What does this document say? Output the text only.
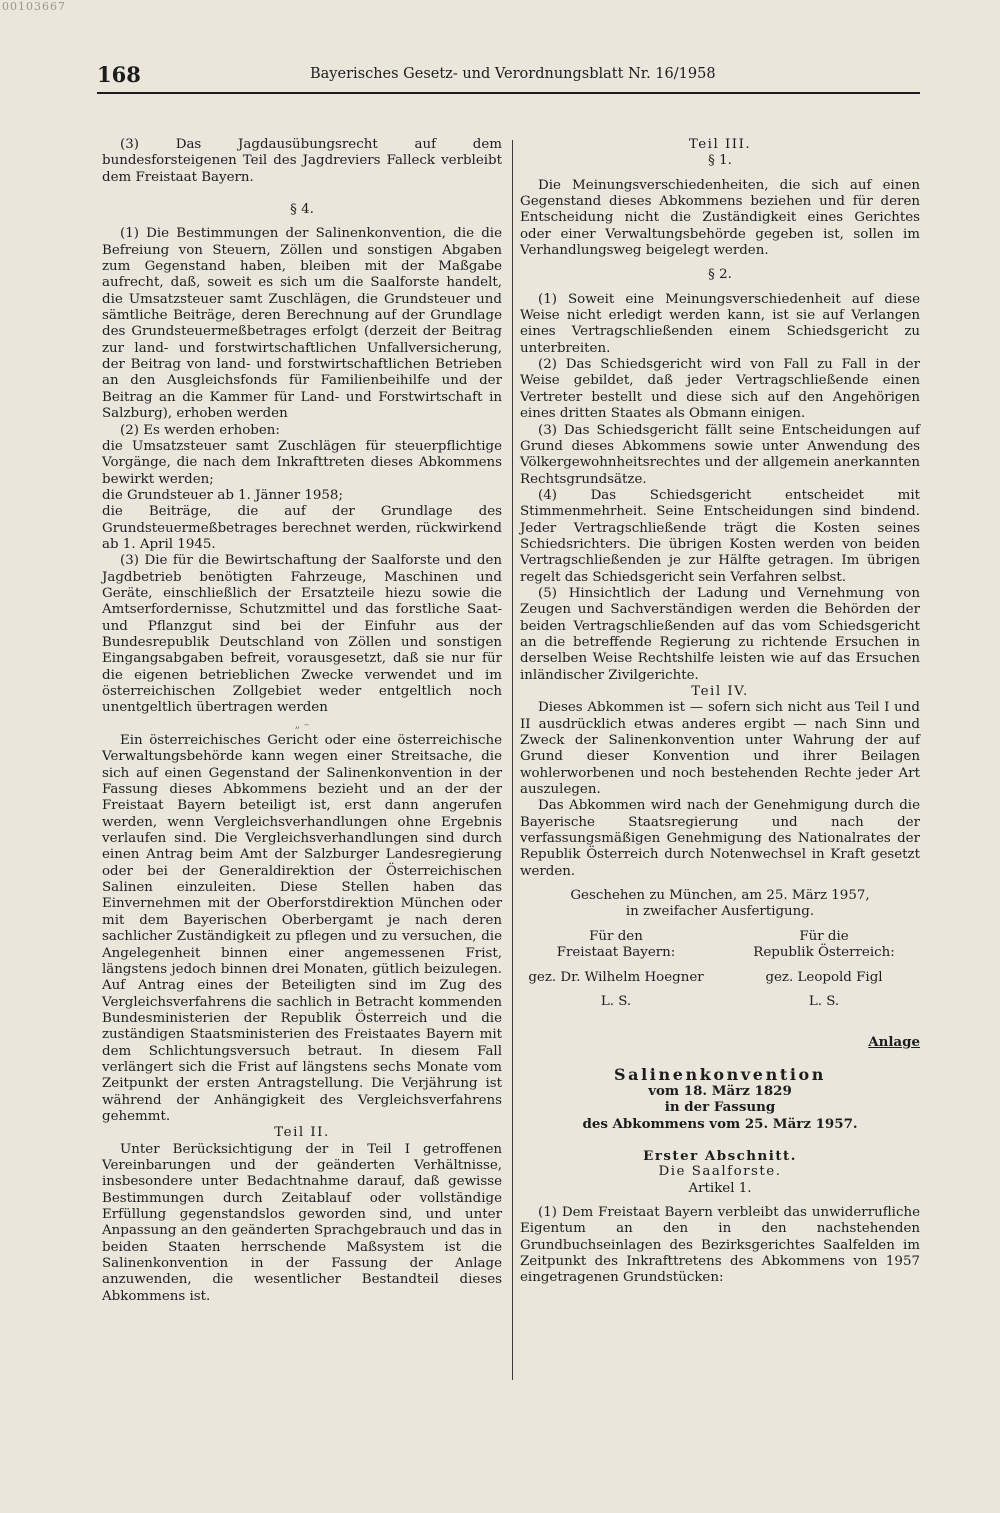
00103667
168	Bayerisches Gesetz- und Verordnungsblatt Nr. 16/1958

(3) Das Jagdausübungsrecht auf dem bundesforsteigenen Teil des Jagdreviers Falleck verbleibt dem Freistaat Bayern.

§ 4.

(1) Die Bestimmungen der Salinenkonvention, die die Befreiung von Steuern, Zöllen und sonstigen Abgaben zum Gegenstand haben, bleiben mit der Maßgabe aufrecht, daß, soweit es sich um die Saalforste handelt, die Umsatzsteuer samt Zuschlägen, die Grundsteuer und sämtliche Beiträge, deren Berechnung auf der Grundlage des Grundsteuermeßbetrages erfolgt (derzeit der Beitrag zur land- und forstwirtschaftlichen Unfallversicherung, der Beitrag von land- und forstwirtschaftlichen Betrieben an den Ausgleichsfonds für Familienbeihilfe und der Beitrag an die Kammer für Land- und Forstwirtschaft in Salzburg), erhoben werden

(2) Es werden erhoben:

die Umsatzsteuer samt Zuschlägen für steuerpflichtige Vorgänge, die nach dem Inkrafttreten dieses Abkommens bewirkt werden;

die Grundsteuer ab 1. Jänner 1958;

die Beiträge, die auf der Grundlage des Grundsteuermeßbetrages berechnet werden, rückwirkend ab 1. April 1945.

(3) Die für die Bewirtschaftung der Saalforste und den Jagdbetrieb benötigten Fahrzeuge, Maschinen und Geräte, einschließlich der Ersatzteile hiezu sowie die Amtserfordernisse, Schutzmittel und das forstliche Saat- und Pflanzgut sind bei der Einfuhr aus der Bundesrepublik Deutschland von Zöllen und sonstigen Eingangsabgaben befreit, vorausgesetzt, daß sie nur für die eigenen betrieblichen Zwecke verwendet und im österreichischen Zollgebiet weder entgeltlich noch unentgeltlich übertragen werden

„ –

Ein österreichisches Gericht oder eine österreichische Verwaltungsbehörde kann wegen einer Streitsache, die sich auf einen Gegenstand der Salinenkonvention in der Fassung dieses Abkommens bezieht und an der der Freistaat Bayern beteiligt ist, erst dann angerufen werden, wenn Vergleichsverhandlungen ohne Ergebnis verlaufen sind. Die Vergleichsverhandlungen sind durch einen Antrag beim Amt der Salzburger Landesregierung oder bei der Generaldirektion der Österreichischen Salinen einzuleiten. Diese Stellen haben das Einvernehmen mit der Oberforstdirektion München oder mit dem Bayerischen Oberbergamt je nach deren sachlicher Zuständigkeit zu pflegen und zu versuchen, die Angelegenheit binnen einer angemessenen Frist, längstens jedoch binnen drei Monaten, gütlich beizulegen. Auf Antrag eines der Beteiligten sind im Zug des Vergleichsverfahrens die sachlich in Betracht kommenden Bundesministerien der Republik Österreich und die zuständigen Staatsministerien des Freistaates Bayern mit dem Schlichtungsversuch betraut. In diesem Fall verlängert sich die Frist auf längstens sechs Monate vom Zeitpunkt der ersten Antragstellung. Die Verjährung ist während der Anhängigkeit des Vergleichsverfahrens gehemmt.

Teil II.

Unter Berücksichtigung der in Teil I getroffenen Vereinbarungen und der geänderten Verhältnisse, insbesondere unter Bedachtnahme darauf, daß gewisse Bestimmungen durch Zeitablauf oder vollständige Erfüllung gegenstandslos geworden sind, und unter Anpassung an den geänderten Sprachgebrauch und das in beiden Staaten herrschende Maßsystem ist die Salinenkonvention in der Fassung der Anlage anzuwenden, die wesentlicher Bestandteil dieses Abkommens ist.

Teil III.

§ 1.

Die Meinungsverschiedenheiten, die sich auf einen Gegenstand dieses Abkommens beziehen und für deren Entscheidung nicht die Zuständigkeit eines Gerichtes oder einer Verwaltungsbehörde gegeben ist, sollen im Verhandlungsweg beigelegt werden.

§ 2.

(1) Soweit eine Meinungsverschiedenheit auf diese Weise nicht erledigt werden kann, ist sie auf Verlangen eines Vertragschließenden einem Schiedsgericht zu unterbreiten.

(2) Das Schiedsgericht wird von Fall zu Fall in der Weise gebildet, daß jeder Vertragschließende einen Vertreter bestellt und diese sich auf den Angehörigen eines dritten Staates als Obmann einigen.

(3) Das Schiedsgericht fällt seine Entscheidungen auf Grund dieses Abkommens sowie unter Anwendung des Völkergewohnheitsrechtes und der allgemein anerkannten Rechtsgrundsätze.

(4) Das Schiedsgericht entscheidet mit Stimmenmehrheit. Seine Entscheidungen sind bindend. Jeder Vertragschließende trägt die Kosten seines Schiedsrichters. Die übrigen Kosten werden von beiden Vertragschließenden je zur Hälfte getragen. Im übrigen regelt das Schiedsgericht sein Verfahren selbst.

(5) Hinsichtlich der Ladung und Vernehmung von Zeugen und Sachverständigen werden die Behörden der beiden Vertragschließenden auf das vom Schiedsgericht an die betreffende Regierung zu richtende Ersuchen in derselben Weise Rechtshilfe leisten wie auf das Ersuchen inländischer Zivilgerichte.

Teil IV.

Dieses Abkommen ist — sofern sich nicht aus Teil I und II ausdrücklich etwas anderes ergibt — nach Sinn und Zweck der Salinenkonvention unter Wahrung der auf Grund dieser Konvention und ihrer Beilagen wohlerworbenen und noch bestehenden Rechte jeder Art auszulegen.

Das Abkommen wird nach der Genehmigung durch die Bayerische Staatsregierung und nach der verfassungsmäßigen Genehmigung des Nationalrates der Republik Österreich durch Notenwechsel in Kraft gesetzt werden.

Geschehen zu München, am 25. März 1957,

in zweifacher Ausfertigung.

Für den

Freistaat Bayern:

gez. Dr. Wilhelm Hoegner

L. S.

Für die

Republik Österreich:

gez. Leopold Figl

L. S.

Anlage

Salinenkonvention

vom 18. März 1829

in der Fassung

des Abkommens vom 25. März 1957.

Erster Abschnitt.

Die Saalforste.

Artikel 1.

(1) Dem Freistaat Bayern verbleibt das unwiderrufliche Eigentum an den in den nachstehenden Grundbuchseinlagen des Bezirksgerichtes Saalfelden im Zeitpunkt des Inkrafttretens des Abkommens von 1957 eingetragenen Grundstücken:
